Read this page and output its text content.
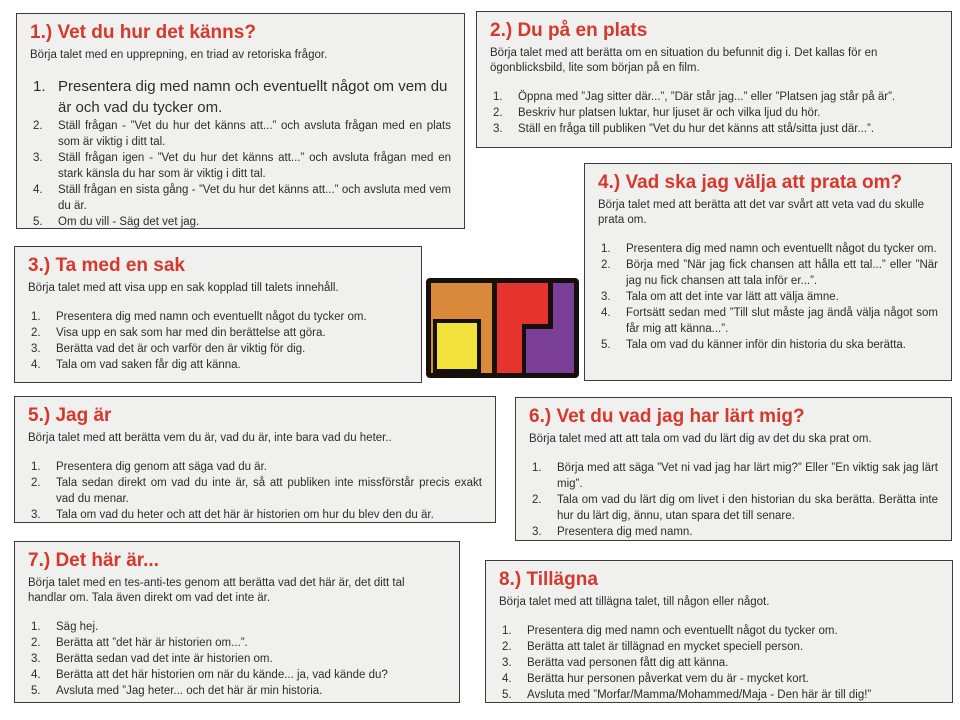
1.) Vet du hur det känns?

Börja talet med en upprepning, en triad av retoriska frågor.

Presentera dig med namn och eventuellt något om vem du är och vad du tycker om.
Ställ frågan - ”Vet du hur det känns att...” och avsluta frågan med en plats som är viktig i ditt tal.
Ställ frågan igen - ”Vet du hur det känns att...” och avsluta frågan med en stark känsla du har som är viktig i ditt tal.
Ställ frågan en sista gång - ”Vet du hur det känns att...” och avsluta med vem du är.
Om du vill - Säg det vet jag.
2.) Du på en plats

Börja talet med att berätta om en situation du befunnit dig i. Det kallas för en ögonblicksbild, lite som början på en film.

Öppna med ”Jag sitter där...”, ”Där står jag...” eller ”Platsen jag står på är”.
Beskriv hur platsen luktar, hur ljuset är och vilka ljud du hör.
Ställ en fråga till publiken ”Vet du hur det känns att stå/sitta just där...”.
3.) Ta med en sak

Börja talet med att visa upp en sak kopplad till talets innehåll.

Presentera dig med namn och eventuellt något du tycker om.
Visa upp en sak som har med din berättelse att göra.
Berätta vad det är och varför den är viktig för dig.
Tala om vad saken får dig att känna.
4.) Vad ska jag välja att prata om?

Börja talet med att berätta att det var svårt att veta vad du skulle prata om.

Presentera dig med namn och eventuellt något du tycker om.
Börja med ”När jag fick chansen att hålla ett tal...” eller ”När jag nu fick chansen att tala inför er...”.
Tala om att det inte var lätt att välja ämne.
Fortsätt sedan med ”Till slut måste jag ändå välja något som får mig att känna...”.
Tala om vad du känner inför din historia du ska berätta.
5.) Jag är

Börja talet med att berätta vem du är, vad du är, inte bara vad du heter..

Presentera dig genom att säga vad du är.
Tala sedan direkt om vad du inte är, så att publiken inte missförstår precis exakt vad du menar.
Tala om vad du heter och att det här är historien om hur du blev den du är.
6.) Vet du vad jag har lärt mig?

Börja talet med att att tala om vad du lärt dig av det du ska prat om.

Börja med att säga ”Vet ni vad jag har lärt mig?” Eller ”En viktig sak jag lärt mig”.
Tala om vad du lärt dig om livet i den historian du ska berätta. Berätta inte hur du lärt dig, ännu, utan spara det till senare.
Presentera dig med namn.
7.) Det här är...

Börja talet med en tes-anti-tes genom att berätta vad det här är, det ditt tal handlar om. Tala även direkt om vad det inte är.

Säg hej.
Berätta att ”det här är historien om...”.
Berätta sedan vad det inte är historien om.
Berätta att det här historien om när du kände... ja, vad kände du?
Avsluta med ”Jag heter... och det här är min historia.
8.) Tillägna

Börja talet med att tillägna talet, till någon eller något.

Presentera dig med namn och eventuellt något du tycker om.
Berätta att talet är tillägnad en mycket speciell person.
Berätta vad personen fått dig att känna.
Berätta hur personen påverkat vem du är - mycket kort.
Avsluta med ”Morfar/Mamma/Mohammed/Maja - Den här är till dig!”
